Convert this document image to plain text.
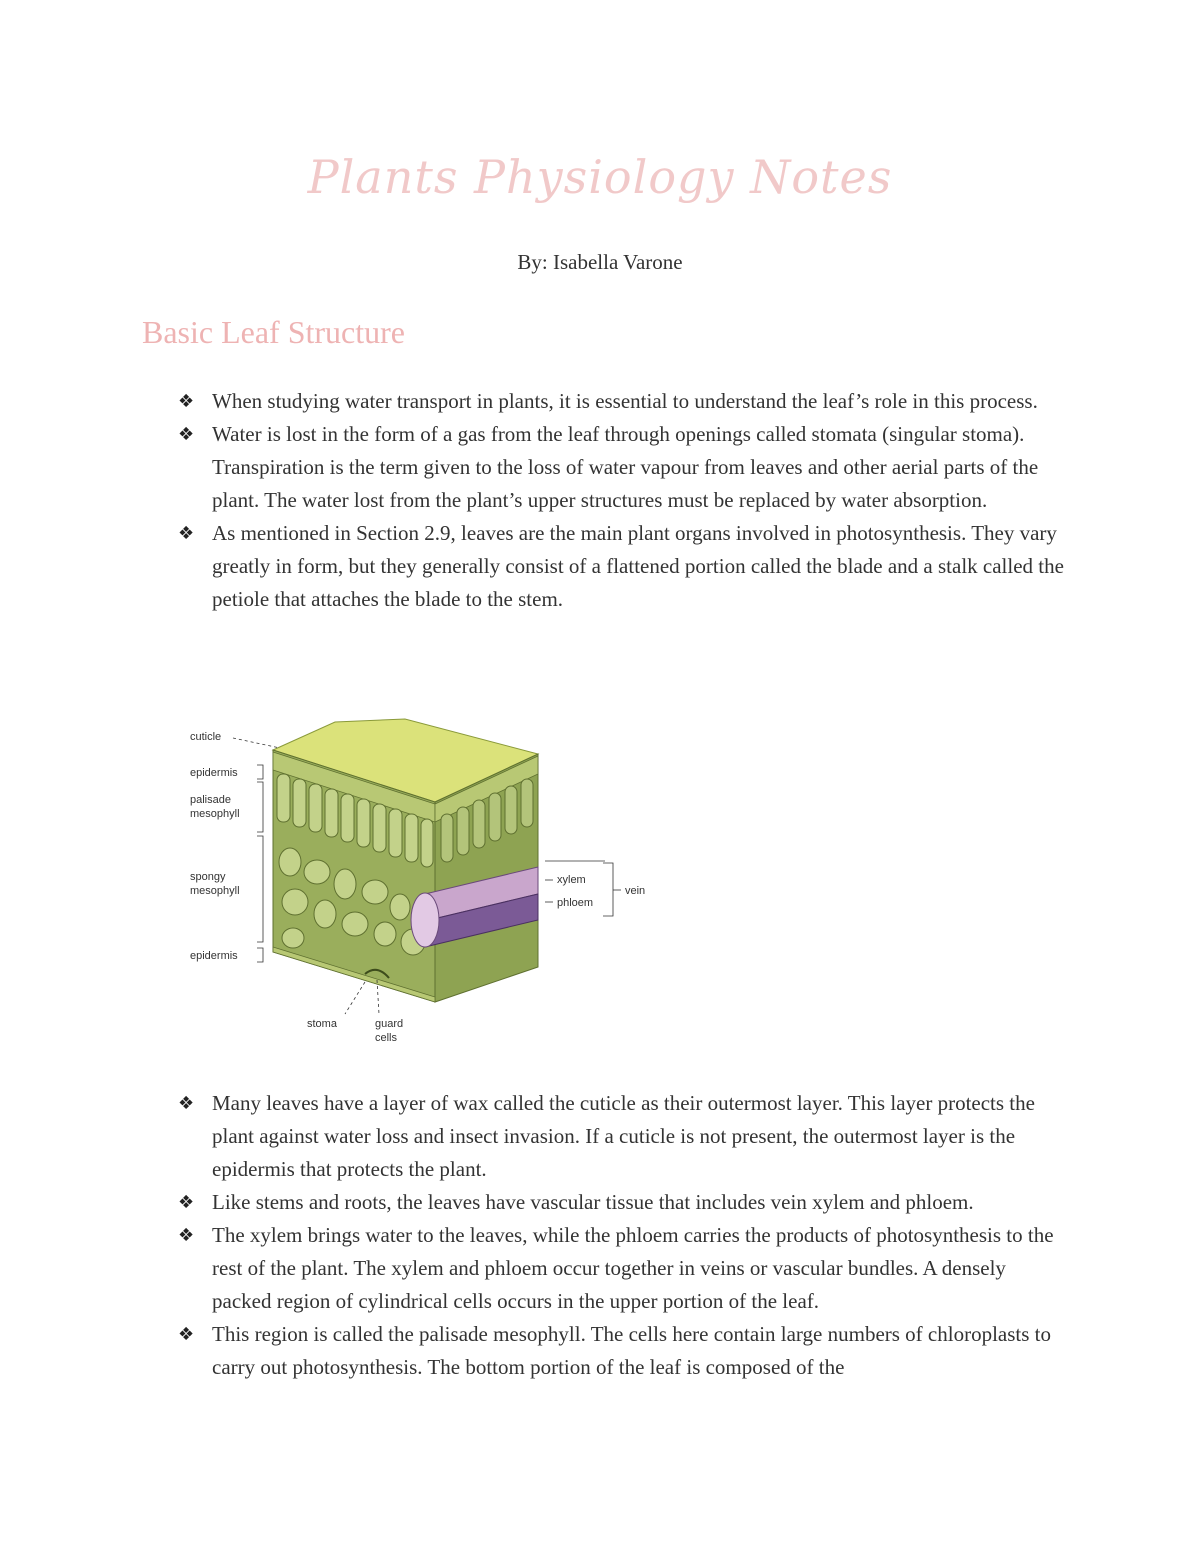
Plants Physiology Notes
By: Isabella Varone
Basic Leaf Structure
❖ When studying water transport in plants, it is essential to understand the leaf’s role in this process.
❖ Water is lost in the form of a gas from the leaf through openings called stomata (singular stoma). Transpiration is the term given to the loss of water vapour from leaves and other aerial parts of the plant. The water lost from the plant’s upper structures must be replaced by water absorption.
❖ As mentioned in Section 2.9, leaves are the main plant organs involved in photosynthesis. They vary greatly in form, but they generally consist of a flattened portion called the blade and a stalk called the petiole that attaches the blade to the stem.
cuticle
epidermis
palisade
mesophyll
spongy
mesophyll
epidermis
xylem
phloem
vein
stoma	guard
cells
❖ Many leaves have a layer of wax called the cuticle as their outermost layer. This layer protects the plant against water loss and insect invasion. If a cuticle is not present, the outermost layer is the epidermis that protects the plant.
❖ Like stems and roots, the leaves have vascular tissue that includes vein xylem and phloem.
❖ The xylem brings water to the leaves, while the phloem carries the products of photosynthesis to the rest of the plant. The xylem and phloem occur together in veins or vascular bundles. A densely packed region of cylindrical cells occurs in the upper portion of the leaf.
❖ This region is called the palisade mesophyll. The cells here contain large numbers of chloroplasts to carry out photosynthesis. The bottom portion of the leaf is composed of the
